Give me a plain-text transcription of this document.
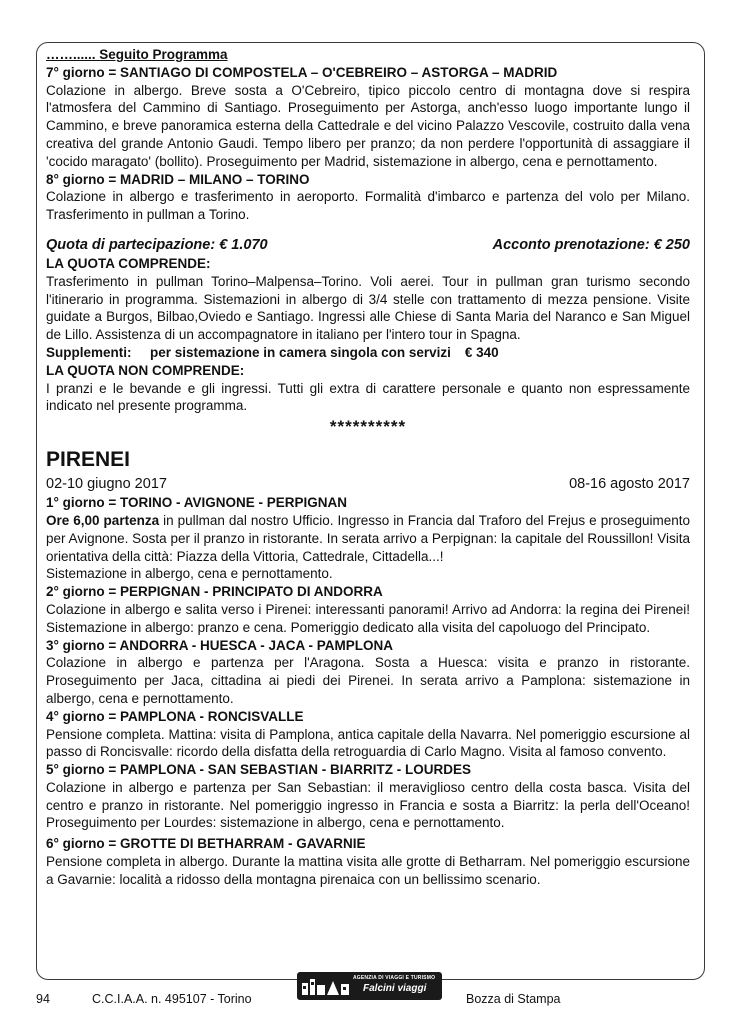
……...... Seguito Programma

7° giorno = SANTIAGO DI COMPOSTELA – O'CEBREIRO – ASTORGA – MADRID

Colazione in albergo. Breve sosta a O'Cebreiro, tipico piccolo centro di montagna dove si respira l'atmosfera del Cammino di Santiago. Proseguimento per Astorga, anch'esso luogo importante lungo il Cammino, e breve panoramica esterna della Cattedrale e del vicino Palazzo Vescovile, costruito dalla vena creativa del grande Antonio Gaudi. Tempo libero per pranzo; da non perdere l'opportunità di assaggiare il 'cocido maragato' (bollito). Proseguimento per Madrid, sistemazione in albergo, cena e pernottamento.

8° giorno = MADRID – MILANO – TORINO

Colazione in albergo e trasferimento in aeroporto. Formalità d'imbarco e partenza del volo per Milano. Trasferimento in pullman a Torino.

Quota di partecipazione: € 1.070	Acconto prenotazione: € 250

LA QUOTA COMPRENDE:

Trasferimento in pullman Torino–Malpensa–Torino. Voli aerei. Tour in pullman gran turismo secondo l'itinerario in programma. Sistemazioni in albergo di 3/4 stelle con trattamento di mezza pensione. Visite guidate a Burgos, Bilbao,Oviedo e Santiago. Ingressi alle Chiese di Santa Maria del Naranco e San Miguel de Lillo. Assistenza di un accompagnatore in italiano per l'intero tour in Spagna.

Supplementi:	per sistemazione in camera singola con servizi € 340

LA QUOTA NON COMPRENDE:

I pranzi e le bevande e gli ingressi. Tutti gli extra di carattere personale e quanto non espressamente indicato nel presente programma.

**********
PIRENEI
02-10 giugno 2017	08-16 agosto 2017

1° giorno = TORINO - AVIGNONE - PERPIGNAN

Ore 6,00 partenza in pullman dal nostro Ufficio. Ingresso in Francia dal Traforo del Frejus e proseguimento per Avignone. Sosta per il pranzo in ristorante. In serata arrivo a Perpignan: la capitale del Roussillon! Visita orientativa della città: Piazza della Vittoria, Cattedrale, Cittadella...!

Sistemazione in albergo, cena e pernottamento.

2° giorno = PERPIGNAN - PRINCIPATO DI ANDORRA

Colazione in albergo e salita verso i Pirenei: interessanti panorami! Arrivo ad Andorra: la regina dei Pirenei! Sistemazione in albergo: pranzo e cena. Pomeriggio dedicato alla visita del capoluogo del Principato.

3° giorno = ANDORRA - HUESCA - JACA - PAMPLONA

Colazione in albergo e partenza per l'Aragona. Sosta a Huesca: visita e pranzo in ristorante. Proseguimento per Jaca, cittadina ai piedi dei Pirenei. In serata arrivo a Pamplona: sistemazione in albergo, cena e pernottamento.

4° giorno = PAMPLONA - RONCISVALLE

Pensione completa. Mattina: visita di Pamplona, antica capitale della Navarra. Nel pomeriggio escursione al passo di Roncisvalle: ricordo della disfatta della retroguardia di Carlo Magno. Visita al famoso convento.

5° giorno = PAMPLONA - SAN SEBASTIAN - BIARRITZ - LOURDES

Colazione in albergo e partenza per San Sebastian: il meraviglioso centro della costa basca. Visita del centro e pranzo in ristorante. Nel pomeriggio ingresso in Francia e sosta a Biarritz: la perla dell'Oceano! Proseguimento per Lourdes: sistemazione in albergo, cena e pernottamento.

6° giorno = GROTTE DI BETHARRAM - GAVARNIE

Pensione completa in albergo. Durante la mattina visita alle grotte di Betharram. Nel pomeriggio escursione a Gavarnie: località a ridosso della montagna pirenaica con un bellissimo scenario.

94	C.C.I.A.A. n. 495107 - Torino	Bozza di Stampa
AGENZIA DI VIAGGI E TURISMO
Falcini viaggi
